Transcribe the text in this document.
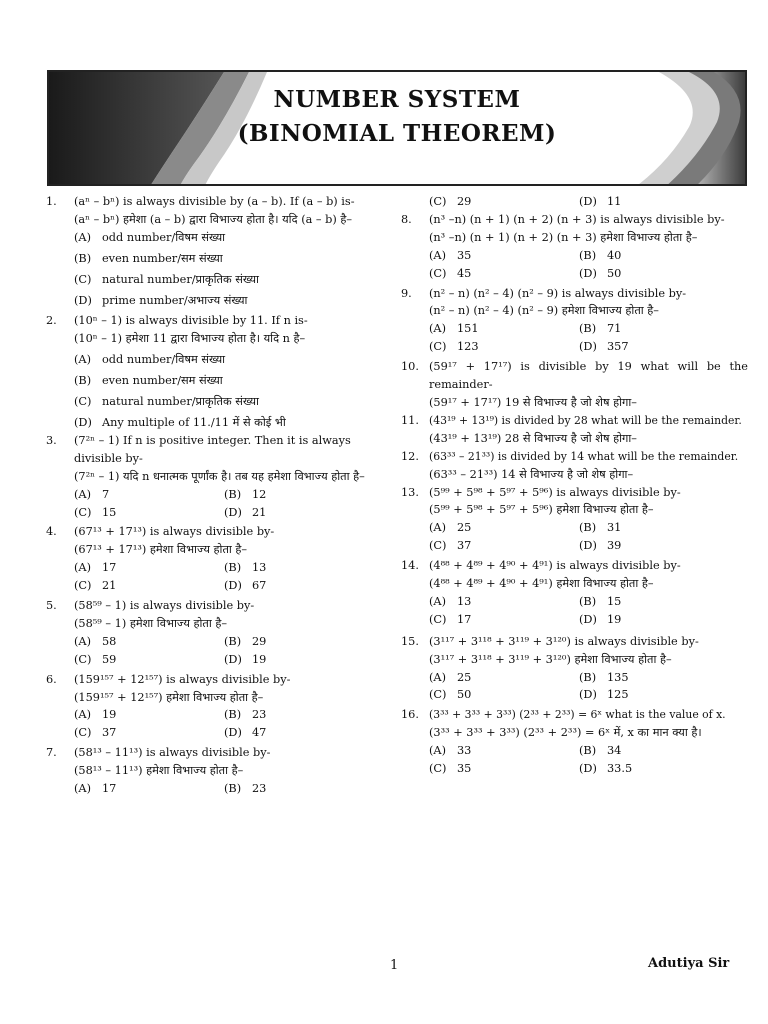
NUMBER SYSTEM
(BINOMIAL THEOREM)
1.	(aⁿ – bⁿ) is always divisible by (a – b). If (a – b) is-
(aⁿ – bⁿ) हमेशा (a – b) द्वारा विभाज्य होता है। यदि (a – b) है–
(A) odd number/विषम संख्या
(B) even number/सम संख्या
(C) natural number/प्राकृतिक संख्या
(D) prime number/अभाज्य संख्या
2.	(10ⁿ – 1) is always divisible by 11. If n is-
(10ⁿ – 1) हमेशा 11 द्वारा विभाज्य होता है। यदि n है–
(A) odd number/विषम संख्या
(B) even number/सम संख्या
(C) natural number/प्राकृतिक संख्या
(D) Any multiple of 11./11 में से कोई भी
3.	(7²ⁿ – 1) If n is positive integer. Then it is always divisible by-
(7²ⁿ – 1) यदि n धनात्मक पूर्णांक है। तब यह हमेशा विभाज्य होता है–
(A) 7	(B) 12
(C) 15	(D) 21
4.	(67¹³ + 17¹³) is always divisible by-
(67¹³ + 17¹³) हमेशा विभाज्य होता है–
(A) 17	(B) 13
(C) 21	(D) 67
5.	(58⁵⁹ – 1) is always divisible by-
(58⁵⁹ – 1) हमेशा विभाज्य होता है–
(A) 58	(B) 29
(C) 59	(D) 19
6.	(159¹⁵⁷ + 12¹⁵⁷) is always divisible by-
(159¹⁵⁷ + 12¹⁵⁷) हमेशा विभाज्य होता है–
(A) 19	(B) 23
(C) 37	(D) 47
7.	(58¹³ – 11¹³) is always divisible by-
(58¹³ – 11¹³) हमेशा विभाज्य होता है–
(A) 17	(B) 23
(C) 29	(D) 11
8.	(n³ –n) (n + 1) (n + 2) (n + 3) is always divisible by-
(n³ –n) (n + 1) (n + 2) (n + 3) हमेशा विभाज्य होता है–
(A) 35	(B) 40
(C) 45	(D) 50
9.	(n² – n) (n² – 4) (n² – 9) is always divisible by-
(n² – n) (n² – 4) (n² – 9) हमेशा विभाज्य होता है–
(A) 151	(B) 71
(C) 123	(D) 357
10. (59¹⁷ + 17¹⁷) is divisible by 19 what will be the remainder-
(59¹⁷ + 17¹⁷) 19 से विभाज्य है जो शेष होगा–
11. (43¹⁹ + 13¹⁹) is divided by 28 what will be the remainder.
(43¹⁹ + 13¹⁹) 28 से विभाज्य है जो शेष होगा–
12. (63³³ – 21³³) is divided by 14 what will be the remainder.
(63³³ – 21³³) 14 से विभाज्य है जो शेष होगा–
13. (5⁹⁹ + 5⁹⁸ + 5⁹⁷ + 5⁹⁶) is always divisible by-
(5⁹⁹ + 5⁹⁸ + 5⁹⁷ + 5⁹⁶) हमेशा विभाज्य होता है–
(A) 25	(B) 31
(C) 37	(D) 39
14. (4⁸⁸ + 4⁸⁹ + 4⁹⁰ + 4⁹¹) is always divisible by-
(4⁸⁸ + 4⁸⁹ + 4⁹⁰ + 4⁹¹) हमेशा विभाज्य होता है–
(A) 13	(B) 15
(C) 17	(D) 19
15. (3¹¹⁷ + 3¹¹⁸ + 3¹¹⁹ + 3¹²⁰) is always divisible by-
(3¹¹⁷ + 3¹¹⁸ + 3¹¹⁹ + 3¹²⁰) हमेशा विभाज्य होता है–
(A) 25	(B) 135
(C) 50	(D) 125
16. (3³³ + 3³³ + 3³³) (2³³ + 2³³) = 6ˣ what is the value of x.
(3³³ + 3³³ + 3³³) (2³³ + 2³³) = 6ˣ में, x का मान क्या है।
(A) 33	(B) 34
(C) 35	(D) 33.5
1	Adutiya Sir
